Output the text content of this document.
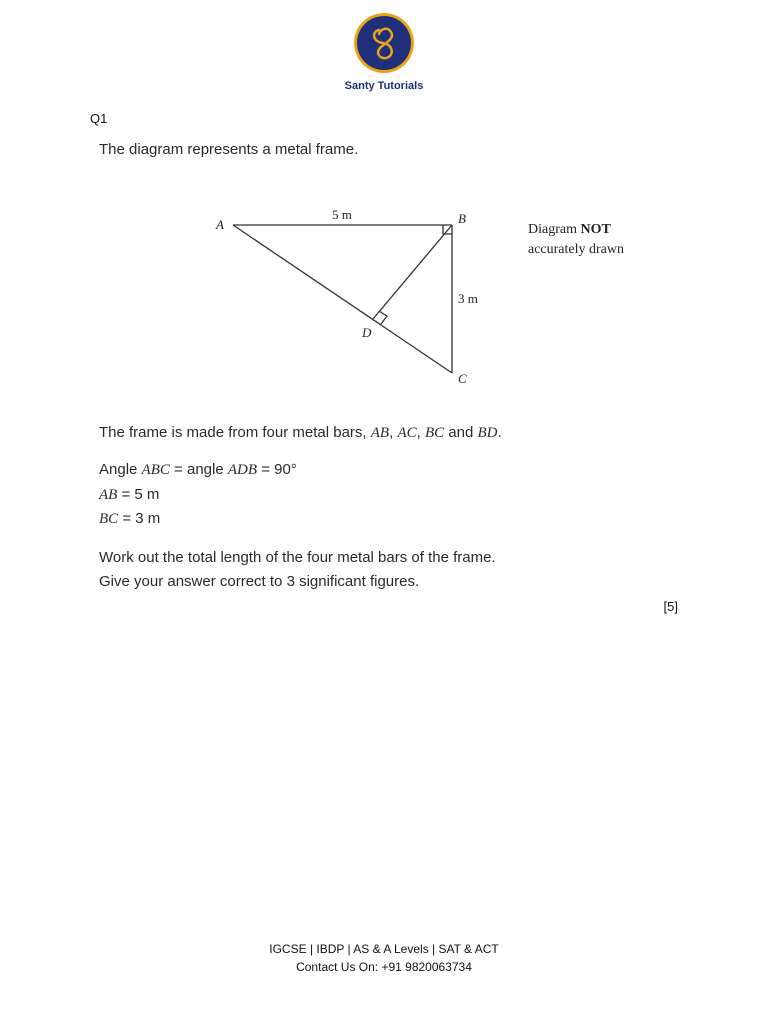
Santy Tutorials
Q1
The diagram represents a metal frame.
A	B
C
D
5 m
3 m
Diagram NOT
accurately drawn
The frame is made from four metal bars, AB, AC, BC and BD.
Angle ABC = angle ADB = 90°
AB = 5 m
BC = 3 m
Work out the total length of the four metal bars of the frame.
Give your answer correct to 3 significant figures.
[5]
IGCSE | IBDP | AS & A Levels | SAT & ACT
Contact Us On: +91 9820063734
